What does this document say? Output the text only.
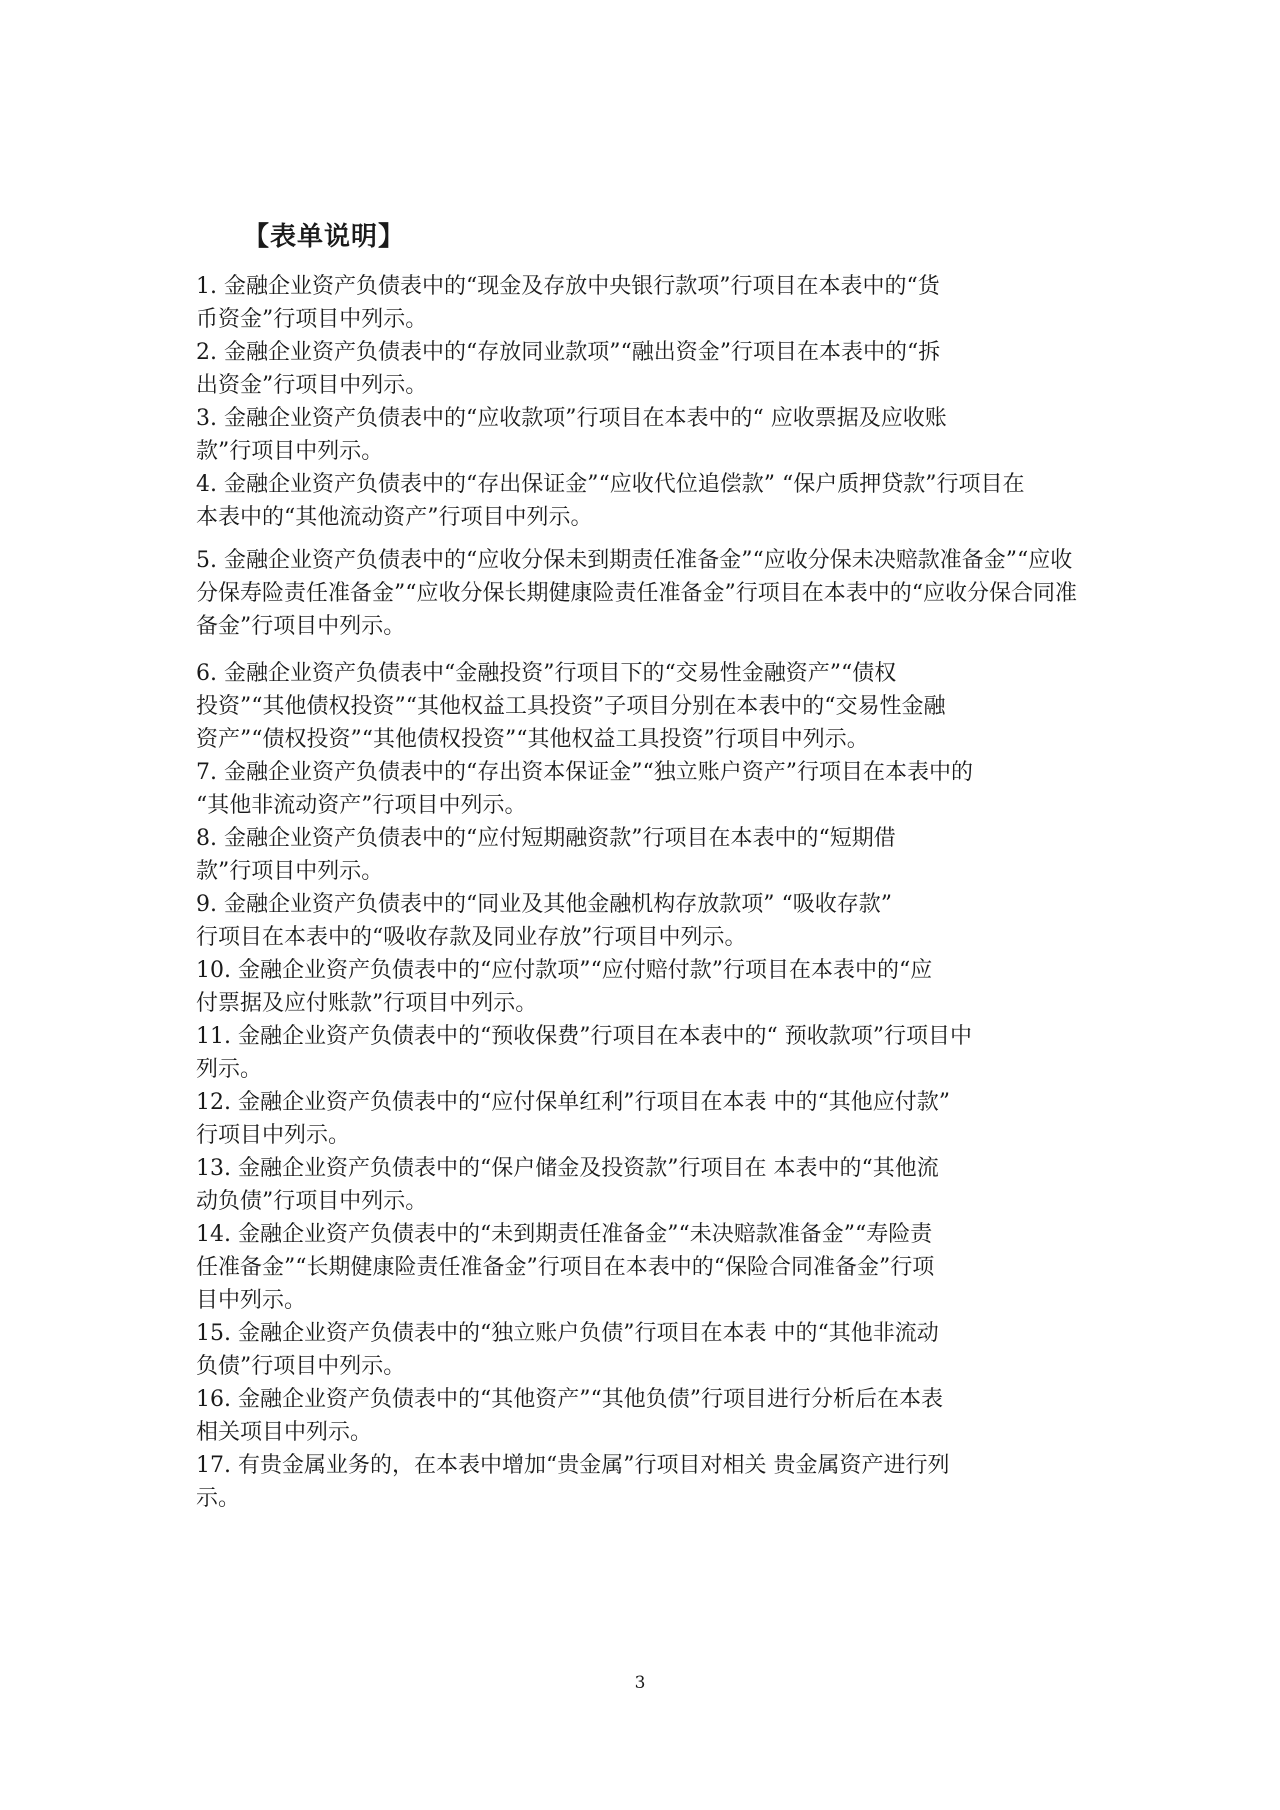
【表单说明】
1. 金融企业资产负债表中的“现金及存放中央银行款项”行项目在本表中的“货
币资金”行项目中列示。
2. 金融企业资产负债表中的“存放同业款项”“融出资金”行项目在本表中的“拆
出资金”行项目中列示。
3. 金融企业资产负债表中的“应收款项”行项目在本表中的“ 应收票据及应收账
款”行项目中列示。
4. 金融企业资产负债表中的“存出保证金”“应收代位追偿款” “保户质押贷款”行项目在
本表中的“其他流动资产”行项目中列示。
5. 金融企业资产负债表中的“应收分保未到期责任准备金”“应收分保未决赔款准备金”“应收
分保寿险责任准备金”“应收分保长期健康险责任准备金”行项目在本表中的“应收分保合同准
备金”行项目中列示。
6. 金融企业资产负债表中“金融投资”行项目下的“交易性金融资产”“债权
投资”“其他债权投资”“其他权益工具投资”子项目分别在本表中的“交易性金融
资产”“债权投资”“其他债权投资”“其他权益工具投资”行项目中列示。
7. 金融企业资产负债表中的“存出资本保证金”“独立账户资产”行项目在本表中的
“其他非流动资产”行项目中列示。
8. 金融企业资产负债表中的“应付短期融资款”行项目在本表中的“短期借
款”行项目中列示。
9. 金融企业资产负债表中的“同业及其他金融机构存放款项” “吸收存款”
行项目在本表中的“吸收存款及同业存放”行项目中列示。
10. 金融企业资产负债表中的“应付款项”“应付赔付款”行项目在本表中的“应
付票据及应付账款”行项目中列示。
11. 金融企业资产负债表中的“预收保费”行项目在本表中的“ 预收款项”行项目中
列示。
12. 金融企业资产负债表中的“应付保单红利”行项目在本表 中的“其他应付款”
行项目中列示。
13. 金融企业资产负债表中的“保户储金及投资款”行项目在 本表中的“其他流
动负债”行项目中列示。
14. 金融企业资产负债表中的“未到期责任准备金”“未决赔款准备金”“寿险责
任准备金”“长期健康险责任准备金”行项目在本表中的“保险合同准备金”行项
目中列示。
15. 金融企业资产负债表中的“独立账户负债”行项目在本表 中的“其他非流动
负债”行项目中列示。
16. 金融企业资产负债表中的“其他资产”“其他负债”行项目进行分析后在本表
相关项目中列示。
17. 有贵金属业务的，在本表中增加“贵金属”行项目对相关 贵金属资产进行列
示。
3
